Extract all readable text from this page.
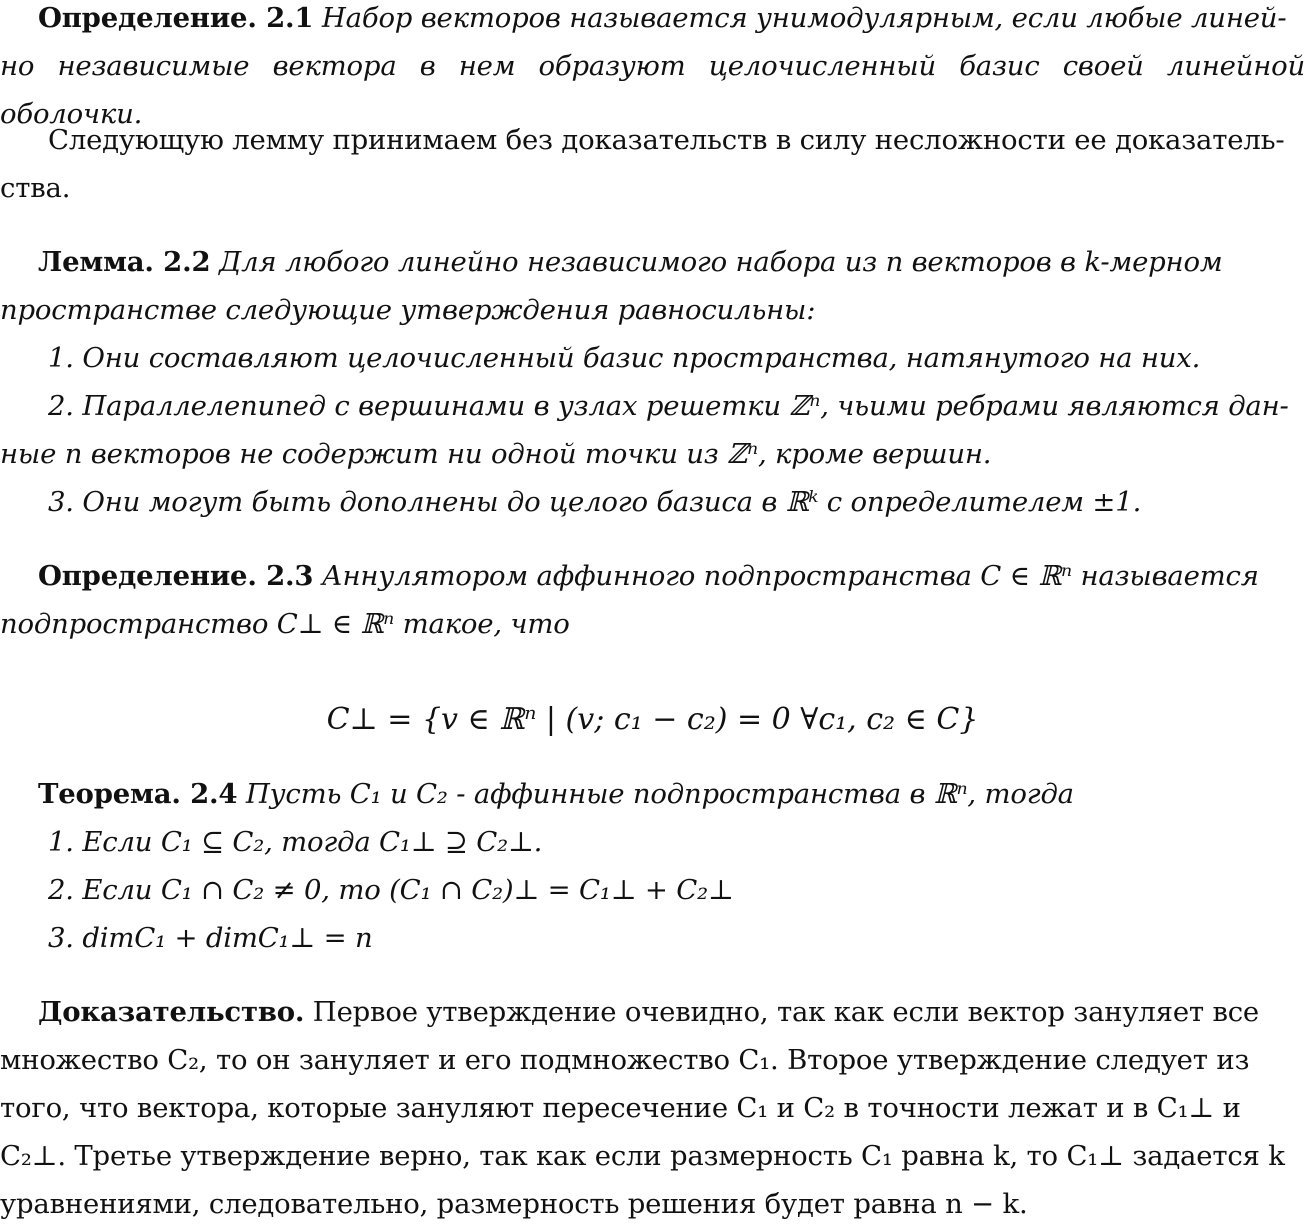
Определение. 2.1 Набор векторов называется унимодулярным, если любые линей-
но независимые вектора в нем образуют целочисленный базис своей линейной оболочки.
Следующую лемму принимаем без доказательств в силу несложности ее доказатель-
ства.
Лемма. 2.2 Для любого линейно независимого набора из n векторов в k-мерном
пространстве следующие утверждения равносильны:
1. Они составляют целочисленный базис пространства, натянутого на них.
2. Параллелепипед с вершинами в узлах решетки ℤⁿ, чьими ребрами являются дан-
ные n векторов не содержит ни одной точки из ℤⁿ, кроме вершин.
3. Они могут быть дополнены до целого базиса в ℝᵏ с определителем ±1.
Определение. 2.3 Аннулятором аффинного подпространства C ∈ ℝⁿ называется
подпространство C⊥ ∈ ℝⁿ такое, что
C⊥ = {v ∈ ℝⁿ | (v; c₁ − c₂) = 0 ∀c₁, c₂ ∈ C}
Теорема. 2.4 Пусть C₁ и C₂ - аффинные подпространства в ℝⁿ, тогда
1. Если C₁ ⊆ C₂, тогда C₁⊥ ⊇ C₂⊥.
2. Если C₁ ∩ C₂ ≠ 0, то (C₁ ∩ C₂)⊥ = C₁⊥ + C₂⊥
3. dimC₁ + dimC₁⊥ = n
Доказательство. Первое утверждение очевидно, так как если вектор зануляет все
множество C₂, то он зануляет и его подмножество C₁. Второе утверждение следует из
того, что вектора, которые зануляют пересечение C₁ и C₂ в точности лежат и в C₁⊥ и
C₂⊥. Третье утверждение верно, так как если размерность C₁ равна k, то C₁⊥ задается k
уравнениями, следовательно, размерность решения будет равна n − k.
